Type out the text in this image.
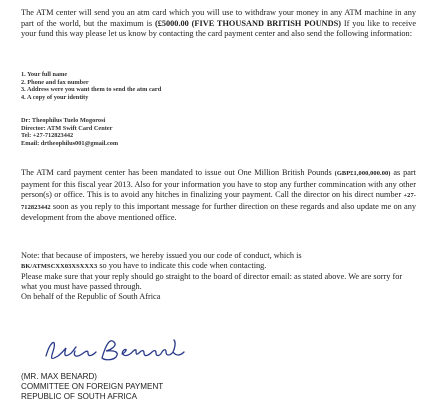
The ATM center will send you an atm card which you will use to withdraw your money in any ATM machine in any part of the world, but the maximum is (£5000.00 (FIVE THOUSAND BRITISH POUNDS) If you like to receive your fund this way please let us know by contacting the card payment center and also send the following information:

1. Your full name
2. Phone and fax number
3. Address were you want them to send the atm card
4. A copy of your identity
Dr: Theophilus Tuelo Mogorosi
Director: ATM Swift Card Center
Tel: +27-712823442
Email: drtheophilus001@gmail.com

The ATM card payment center has been mandated to issue out One Million British Pounds (GBP£1,000,000.00) as part payment for this fiscal year 2013. Also for your information you have to stop any further commincation with any other person(s) or office. This is to avoid any hitches in finalizing your payment. Call the director on his direct number +27-712823442 soon as you reply to this important message for further direction on these regards and also update me on any development from the above mentioned office.

Note: that because of imposters, we hereby issued you our code of conduct, which is
BK/ATMSCXX03XSXXX3 so you have to indicate this code when contacting.
Please make sure that your reply should go straight to the board of director email: as stated above. We are sorry for what you must have passed through.
On behalf of the Republic of South Africa
(MR. MAX BENARD)
COMMITTEE ON FOREIGN PAYMENT
REPUBLIC OF SOUTH AFRICA
